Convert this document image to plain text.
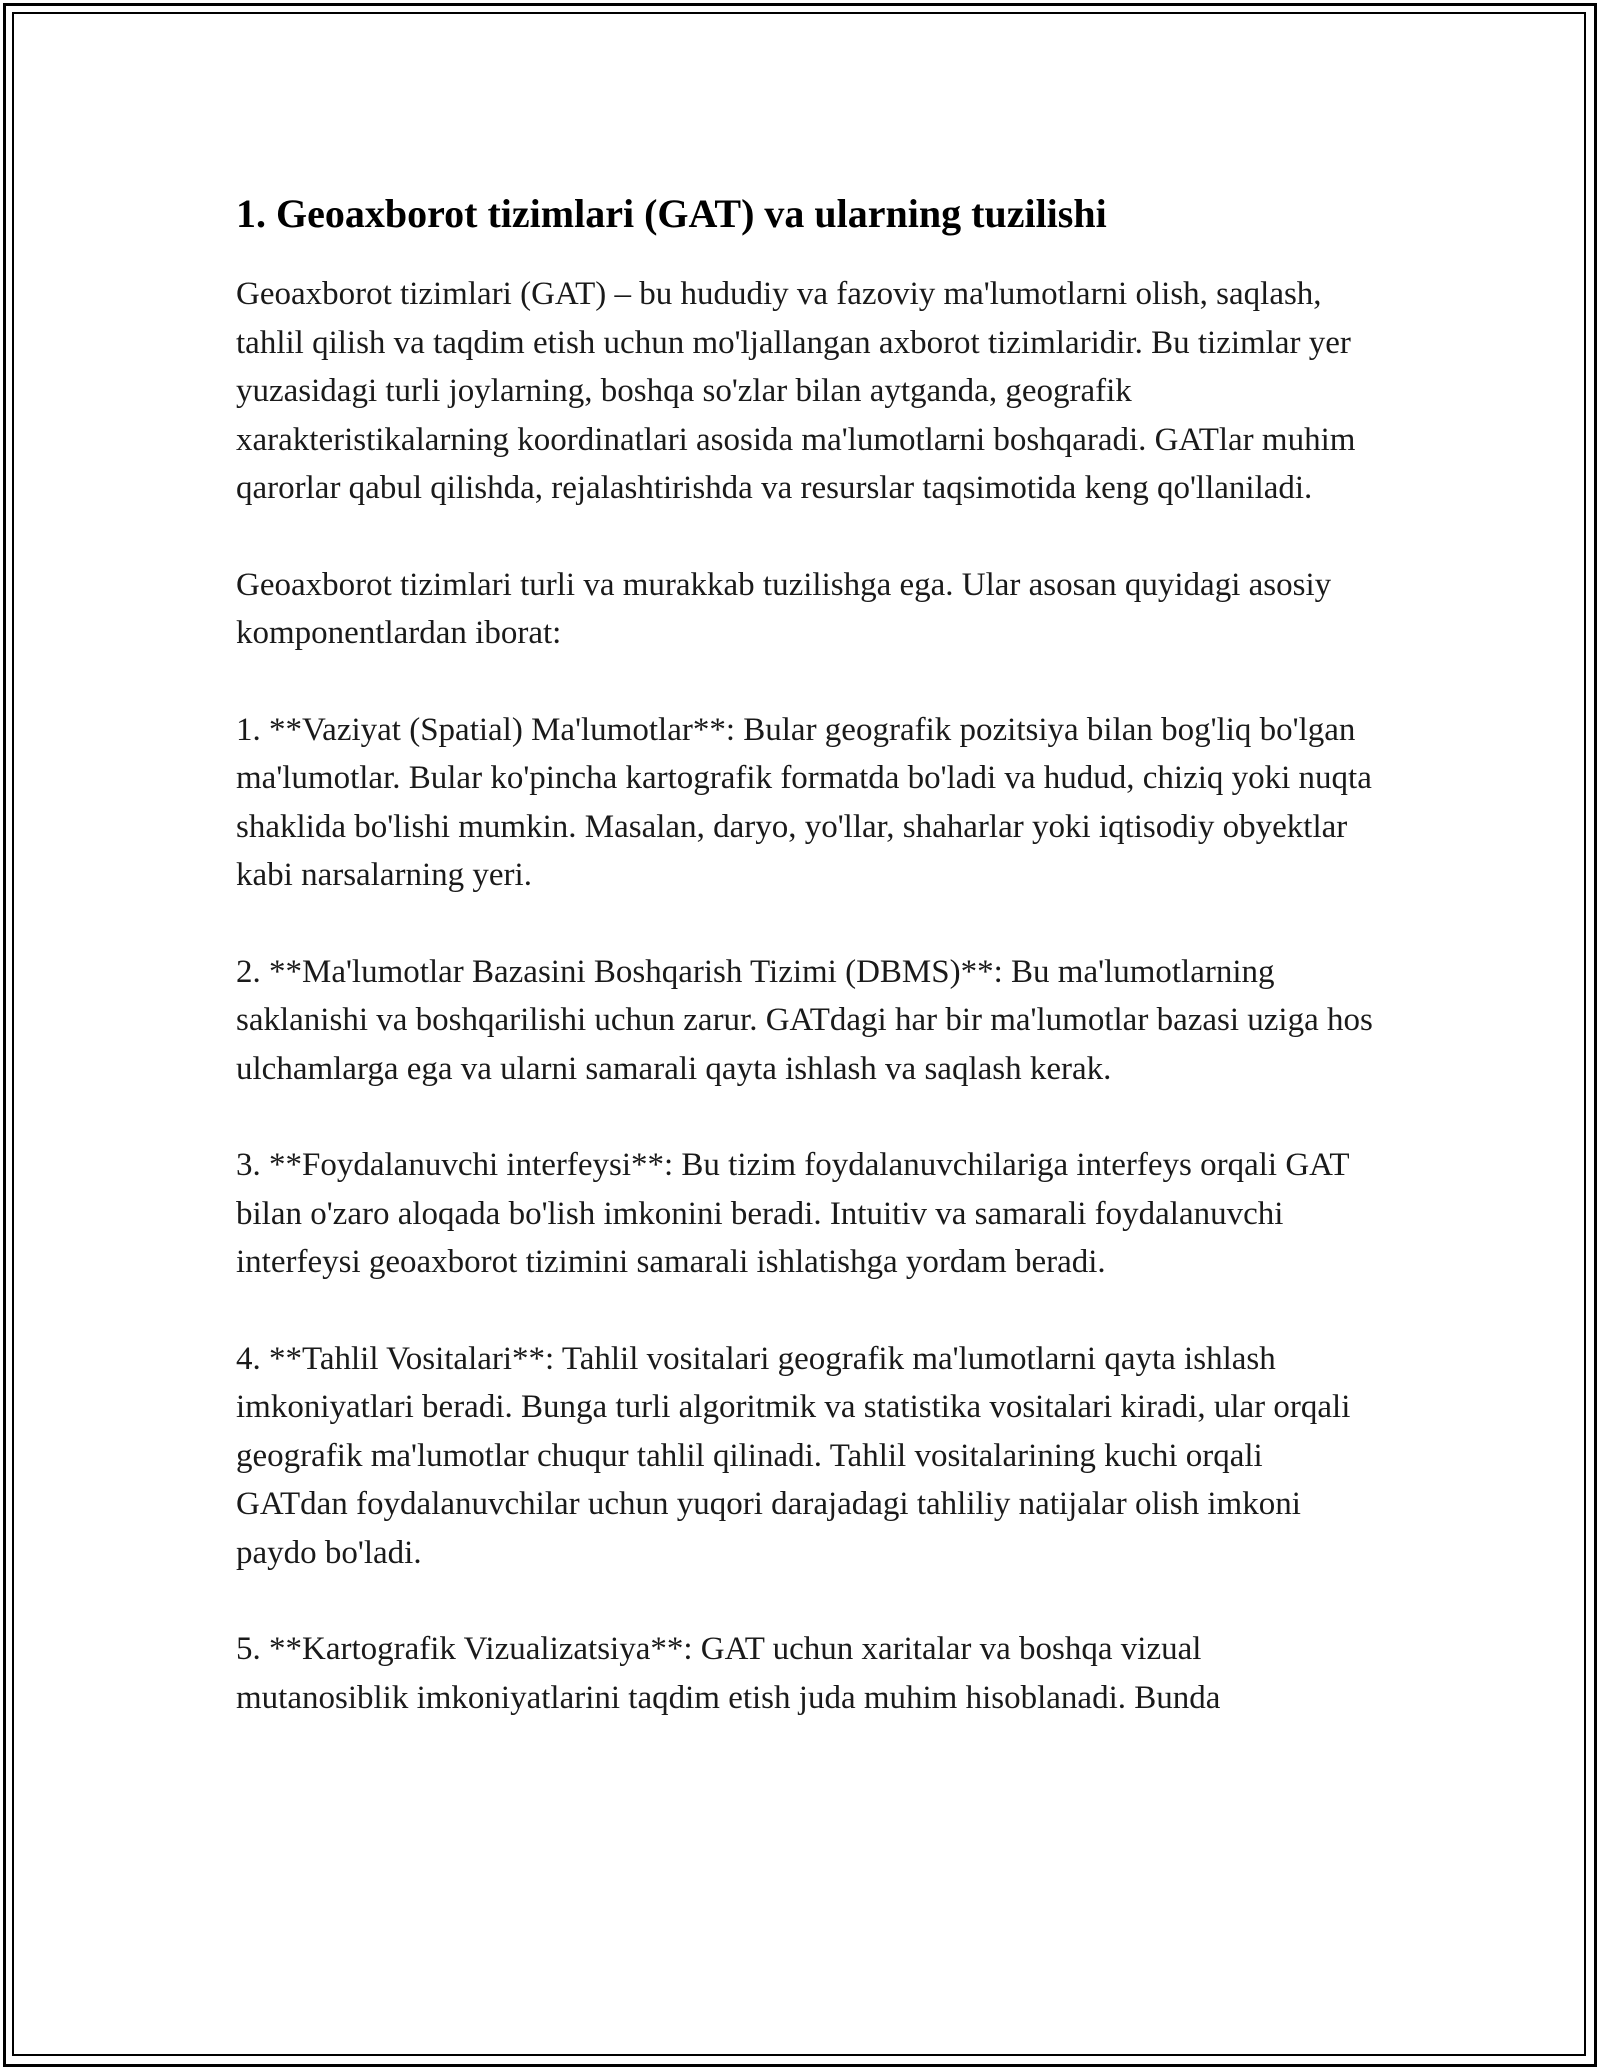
1. Geoaxborot tizimlari (GAT) va ularning tuzilishi

Geoaxborot tizimlari (GAT) – bu hududiy va fazoviy ma'lumotlarni olish, saqlash, tahlil qilish va taqdim etish uchun mo'ljallangan axborot tizimlaridir. Bu tizimlar yer yuzasidagi turli joylarning, boshqa so'zlar bilan aytganda, geografik xarakteristikalarning koordinatlari asosida ma'lumotlarni boshqaradi. GATlar muhim qarorlar qabul qilishda, rejalashtirishda va resurslar taqsimotida keng qo'llaniladi.

Geoaxborot tizimlari turli va murakkab tuzilishga ega. Ular asosan quyidagi asosiy komponentlardan iborat:

1. **Vaziyat (Spatial) Ma'lumotlar**: Bular geografik pozitsiya bilan bog'liq bo'lgan ma'lumotlar. Bular ko'pincha kartografik formatda bo'ladi va hudud, chiziq yoki nuqta shaklida bo'lishi mumkin. Masalan, daryo, yo'llar, shaharlar yoki iqtisodiy obyektlar kabi narsalarning yeri.

2. **Ma'lumotlar Bazasini Boshqarish Tizimi (DBMS)**: Bu ma'lumotlarning saklanishi va boshqarilishi uchun zarur. GATdagi har bir ma'lumotlar bazasi uziga hos ulchamlarga ega va ularni samarali qayta ishlash va saqlash kerak.

3. **Foydalanuvchi interfeysi**: Bu tizim foydalanuvchilariga interfeys orqali GAT bilan o'zaro aloqada bo'lish imkonini beradi. Intuitiv va samarali foydalanuvchi interfeysi geoaxborot tizimini samarali ishlatishga yordam beradi.

4. **Tahlil Vositalari**: Tahlil vositalari geografik ma'lumotlarni qayta ishlash imkoniyatlari beradi. Bunga turli algoritmik va statistika vositalari kiradi, ular orqali geografik ma'lumotlar chuqur tahlil qilinadi. Tahlil vositalarining kuchi orqali GATdan foydalanuvchilar uchun yuqori darajadagi tahliliy natijalar olish imkoni paydo bo'ladi.

5. **Kartografik Vizualizatsiya**: GAT uchun xaritalar va boshqa vizual mutanosiblik imkoniyatlarini taqdim etish juda muhim hisoblanadi. Bunda
